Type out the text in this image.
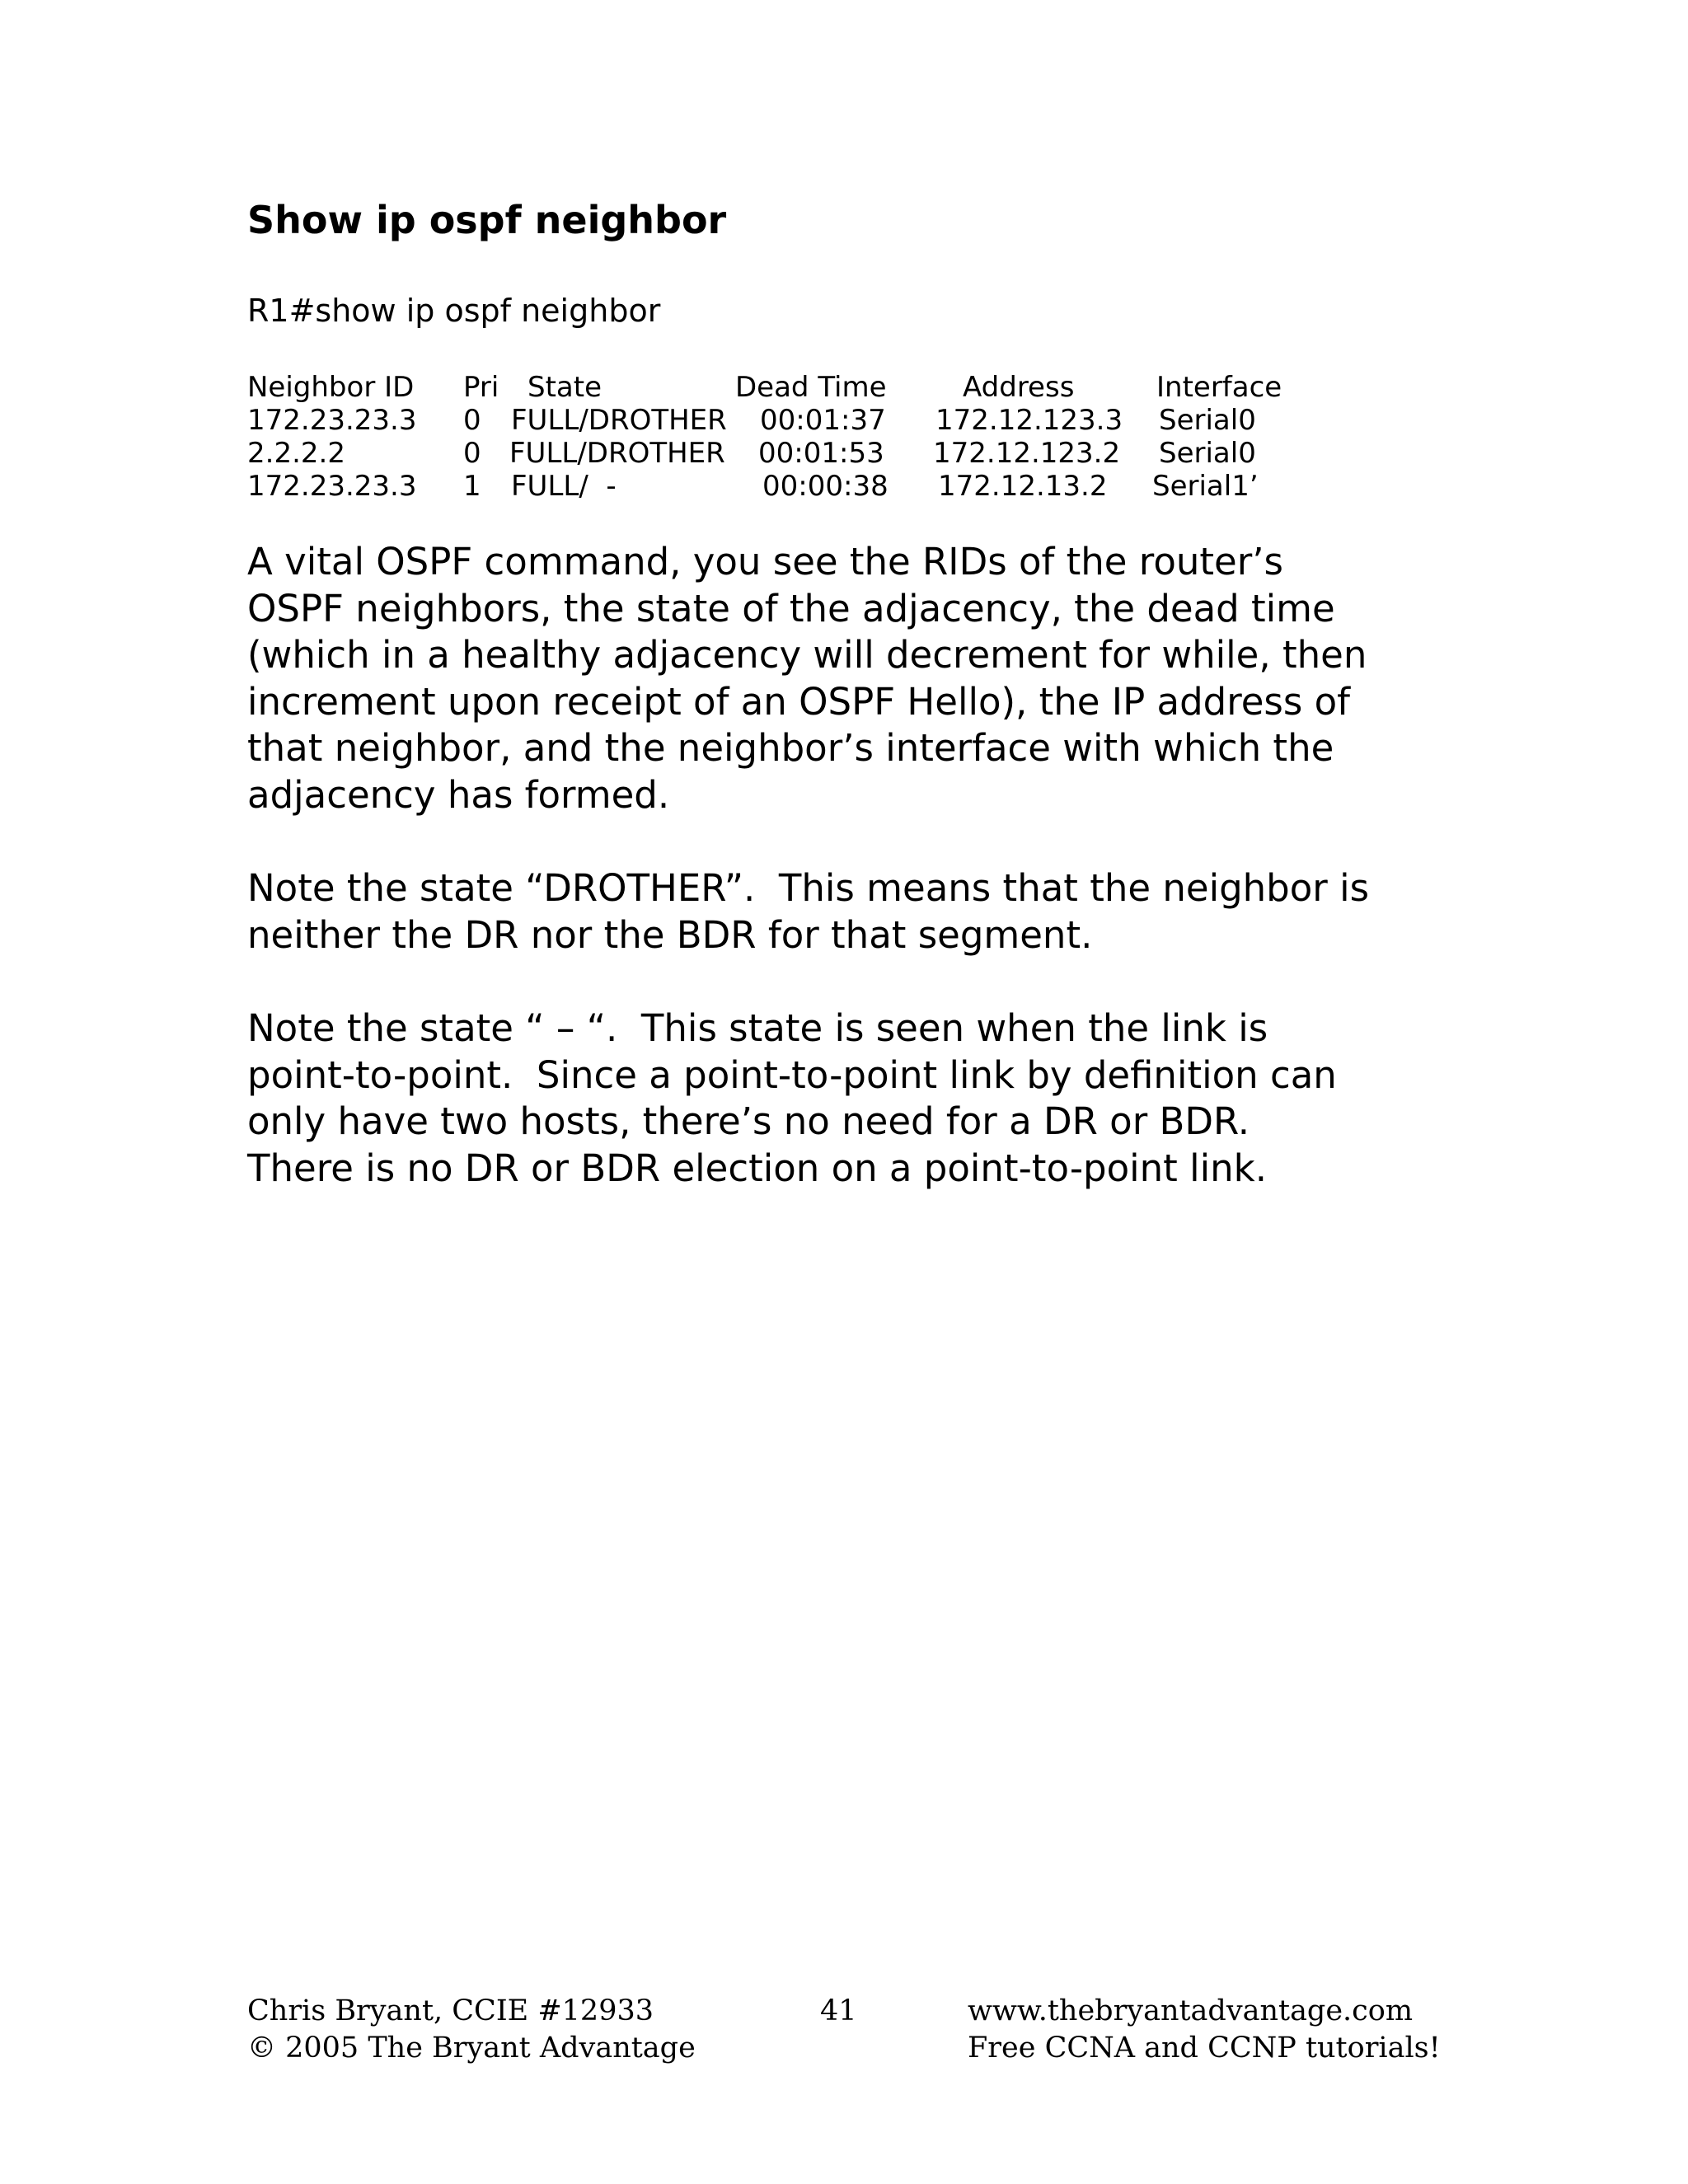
Show ip ospf neighbor
R1#show ip ospf neighbor
Neighbor ID Pri State	Dead Time	Address	Interface
172.23.23.3 0 FULL/DROTHER 00:01:37 172.12.123.3 Serial0
2.2.2.2	0 FULL/DROTHER 00:01:53 172.12.123.2 Serial0
172.23.23.3 1 FULL/  -	00:00:38 172.12.13.2 Serial1’
A vital OSPF command, you see the RIDs of the router’s
OSPF neighbors, the state of the adjacency, the dead time
(which in a healthy adjacency will decrement for while, then
increment upon receipt of an OSPF Hello), the IP address of
that neighbor, and the neighbor’s interface with which the
adjacency has formed.
Note the state “DROTHER”.  This means that the neighbor is
neither the DR nor the BDR for that segment.
Note the state “ – “.  This state is seen when the link is
point-to-point.  Since a point-to-point link by definition can
only have two hosts, there’s no need for a DR or BDR.
There is no DR or BDR election on a point-to-point link.
Chris Bryant, CCIE #12933
© 2005 The Bryant Advantage
41	www.thebryantadvantage.com
Free CCNA and CCNP tutorials!
